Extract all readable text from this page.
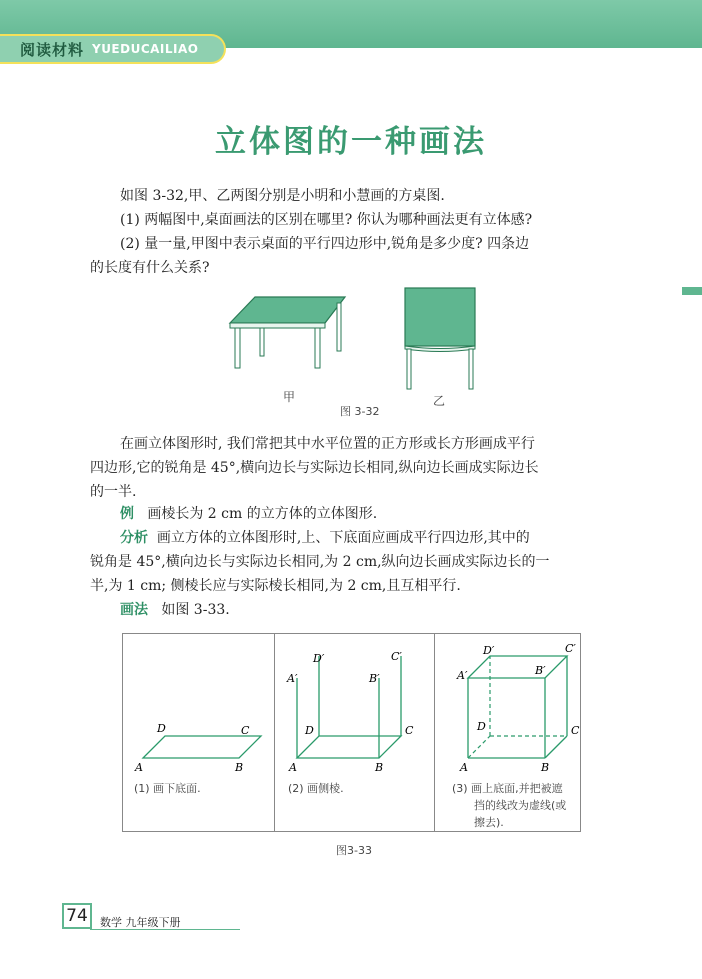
阅读材料 YUEDUCAILIAO
立体图的一种画法
如图 3-32,甲、乙两图分别是小明和小慧画的方桌图.
(1) 两幅图中,桌面画法的区别在哪里? 你认为哪种画法更有立体感?
(2) 量一量,甲图中表示桌面的平行四边形中,锐角是多少度? 四条边
的长度有什么关系?
甲	乙
图 3-32
在画立体图形时, 我们常把其中水平位置的正方形或长方形画成平行
四边形,它的锐角是 45°,横向边长与实际边长相同,纵向边长画成实际边长
的一半.
例 画棱长为 2 cm 的立方体的立体图形.
分析 画立方体的立体图形时,上、下底面应画成平行四边形,其中的
锐角是 45°,横向边长与实际边长相同,为 2 cm,纵向边长画成实际边长的一
半,为 1 cm; 侧棱长应与实际棱长相同,为 2 cm,且互相平行.
画法 如图 3-33.
A	B
C
D
(1) 画下底面.
A	B
C
D
A′	B′
C′
D′
(2) 画侧棱.
A	B
C
D
A′	B′
C′
D′
(3) 画上底面,并把被遮
挡的线改为虚线(或
擦去).
图3-33
74	数学 九年级下册
